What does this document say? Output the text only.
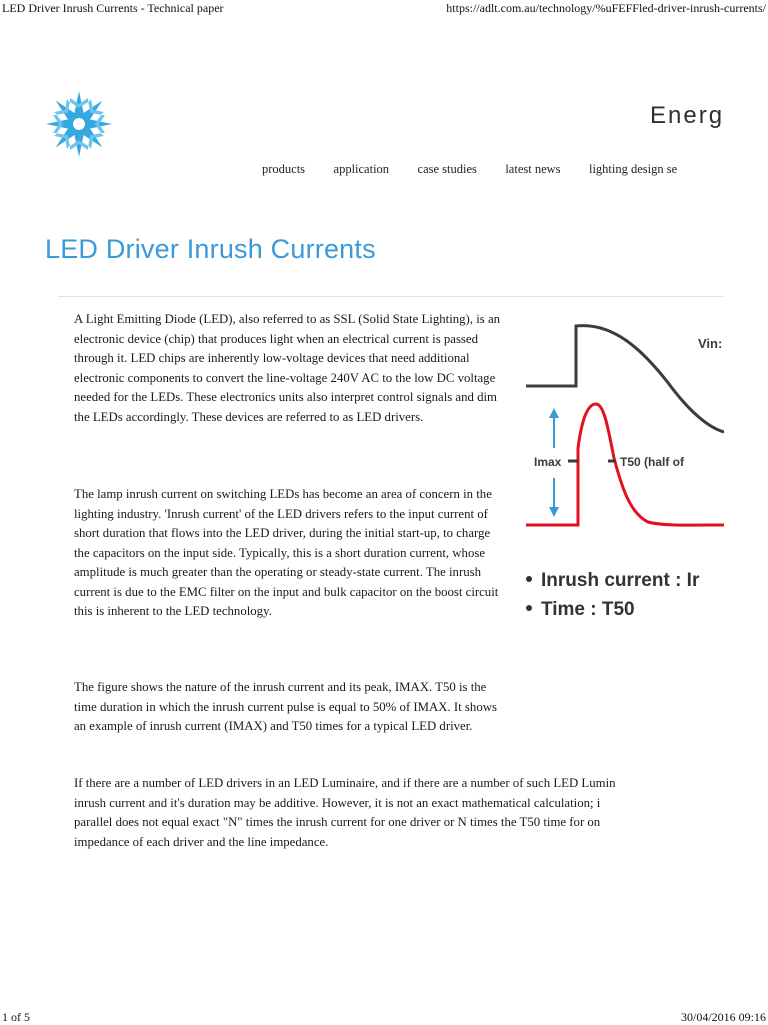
LED Driver Inrush Currents - Technical paper	https://adlt.com.au/technology/%uFEFFled-driver-inrush-currents/
Energ
products application case studies latest news lighting design se
LED Driver Inrush Currents

A Light Emitting Diode (LED), also referred to as SSL (Solid State Lighting), is an electronic device (chip) that produces light when an electrical current is passed through it. LED chips are inherently low-voltage devices that need additional electronic components to convert the line-voltage 240V AC to the low DC voltage needed for the LEDs. These electronics units also interpret control signals and dim the LEDs accordingly. These devices are referred to as LED drivers.

The lamp inrush current on switching LEDs has become an area of concern in the lighting industry. 'Inrush current' of the LED drivers refers to the input current of short duration that flows into the LED driver, during the initial start-up, to charge the capacitors on the input side. Typically, this is a short duration current, whose amplitude is much greater than the operating or steady-state current. The inrush current is due to the EMC filter on the input and bulk capacitor on the boost circuit this is inherent to the LED technology.

The figure shows the nature of the inrush current and its peak, IMAX. T50 is the time duration in which the inrush current pulse is equal to 50% of IMAX. It shows an example of inrush current (IMAX) and T50 times for a typical LED driver.

If there are a number of LED drivers in an LED Luminaire, and if there are a number of such LED Lumin
inrush current and it's duration may be additive. However, it is not an exact mathematical calculation; i
parallel does not equal exact "N" times the inrush current for one driver or N times the T50 time for on
impedance of each driver and the line impedance.

Vin:
Imax	T50 (half of
Inrush current : Ir
Time : T50
1 of 5	30/04/2016 09:16
